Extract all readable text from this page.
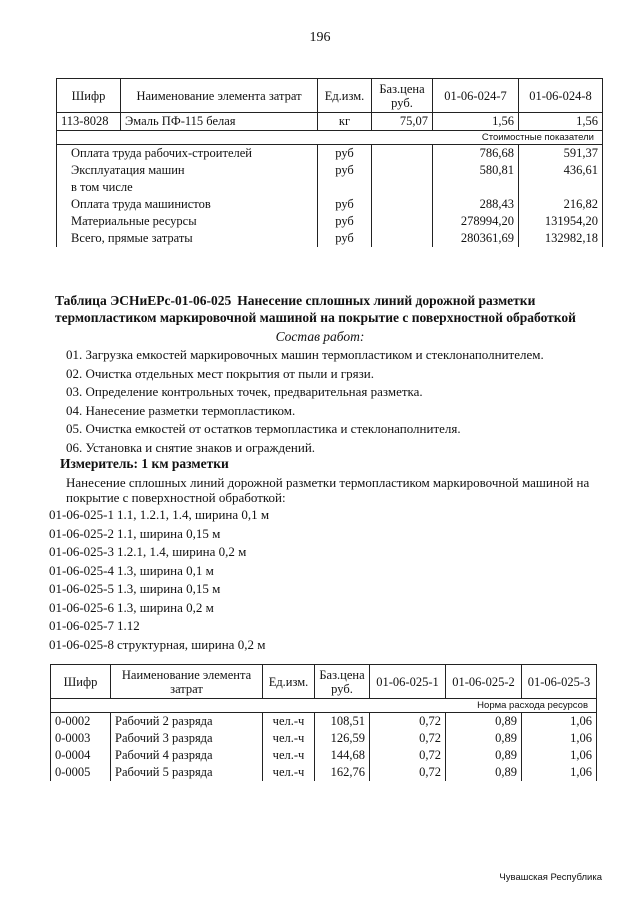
196
Шифр	Наименование элемента затрат	Ед.изм.	Баз.цена руб.	01-06-024-7	01-06-024-8
113-8028	Эмаль ПФ-115 белая	кг	75,07	1,56	1,56
Стоимостные показатели					
Оплата труда рабочих-строителей		руб		786,68	591,37
Эксплуатация машин		руб		580,81	436,61
в том числе					
Оплата труда машинистов		руб		288,43	216,82
Материальные ресурсы		руб		278994,20	131954,20
Всего, прямые затраты		руб		280361,69	132982,18
Таблица ЭСНиЕРс-01-06-025 Нанесение сплошных линий дорожной разметки термопластиком маркировочной машиной на покрытие с поверхностной обработкой
Состав работ:
01. Загрузка емкостей маркировочных машин термопластиком и стеклонаполнителем.
02. Очистка отдельных мест покрытия от пыли и грязи.
03. Определение контрольных точек, предварительная разметка.
04. Нанесение разметки термопластиком.
05. Очистка емкостей от остатков термопластика и стеклонаполнителя.
06. Установка и снятие знаков и ограждений.
Измеритель: 1 км разметки
Нанесение сплошных линий дорожной разметки термопластиком маркировочной машиной на покрытие с поверхностной обработкой:
01-06-025-1 1.1, 1.2.1, 1.4, ширина 0,1 м
01-06-025-2 1.1, ширина 0,15 м
01-06-025-3 1.2.1, 1.4, ширина 0,2 м
01-06-025-4 1.3, ширина 0,1 м
01-06-025-5 1.3, ширина 0,15 м
01-06-025-6 1.3, ширина 0,2 м
01-06-025-7 1.12
01-06-025-8 структурная, ширина 0,2 м
Шифр	Наименование элемента затрат	Ед.изм.	Баз.цена руб.	01-06-025-1	01-06-025-2	01-06-025-3
Норма расхода ресурсов						
0-0002	Рабочий 2 разряда	чел.-ч	108,51	0,72	0,89	1,06
0-0003	Рабочий 3 разряда	чел.-ч	126,59	0,72	0,89	1,06
0-0004	Рабочий 4 разряда	чел.-ч	144,68	0,72	0,89	1,06
0-0005	Рабочий 5 разряда	чел.-ч	162,76	0,72	0,89	1,06
Чувашская Республика
